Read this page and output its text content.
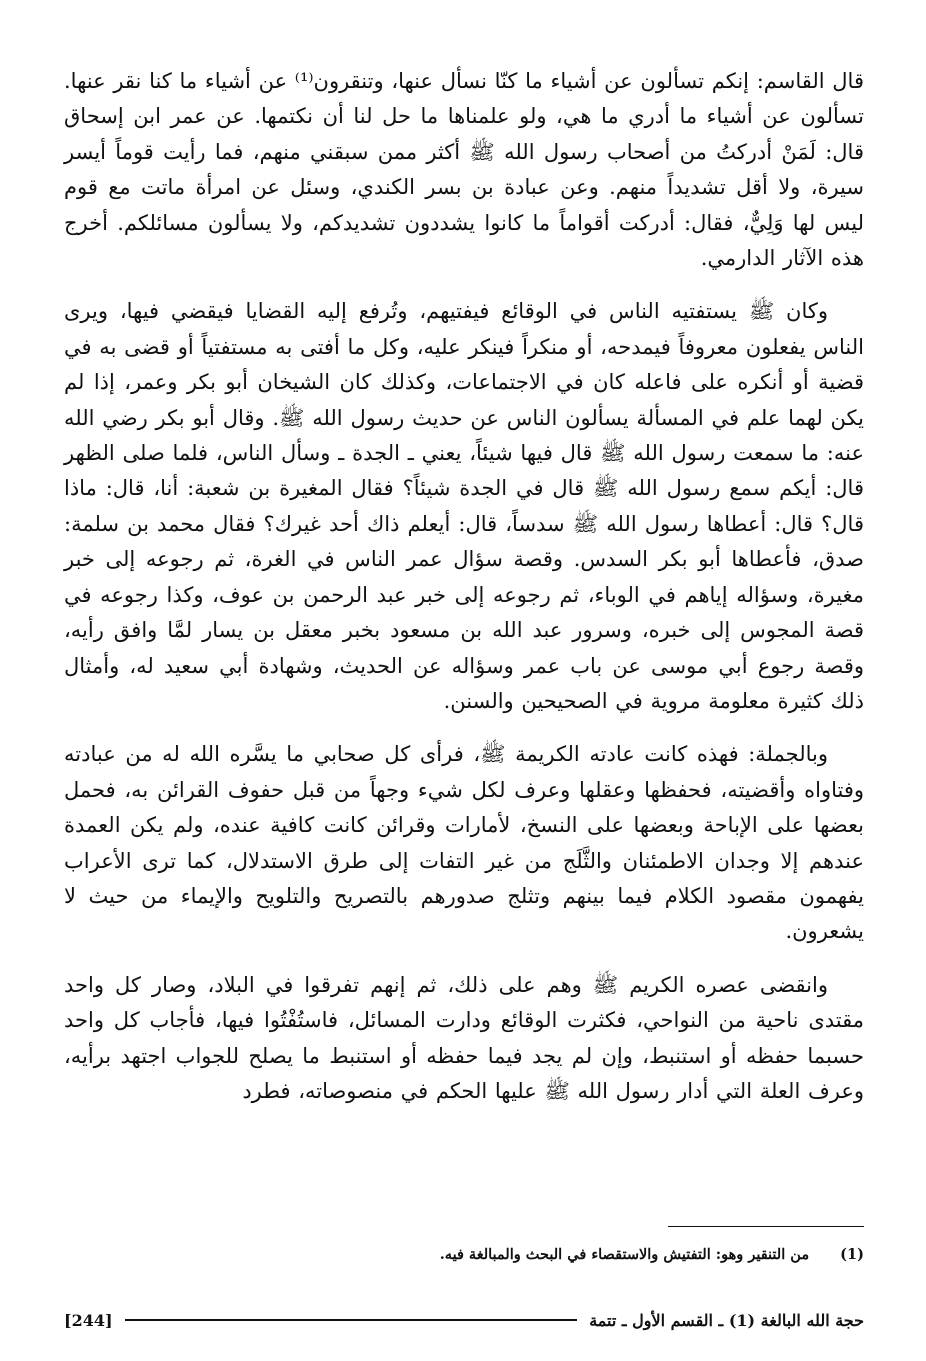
قال القاسم: إنكم تسألون عن أشياء ما كنّا نسأل عنها، وتنقرون⁽¹⁾ عن أشياء ما كنا نقر عنها. تسألون عن أشياء ما أدري ما هي، ولو علمناها ما حل لنا أن نكتمها. عن عمر ابن إسحاق قال: لَمَنْ أدركتُ من أصحاب رسول الله ﷺ أكثر ممن سبقني منهم، فما رأيت قوماً أيسر سيرة، ولا أقل تشديداً منهم. وعن عبادة بن بسر الكندي، وسئل عن امرأة ماتت مع قوم ليس لها وَلِيٌّ، فقال: أدركت أقواماً ما كانوا يشددون تشديدكم، ولا يسألون مسائلكم. أخرج هذه الآثار الدارمي.

وكان ﷺ يستفتيه الناس في الوقائع فيفتيهم، وتُرفع إليه القضايا فيقضي فيها، ويرى الناس يفعلون معروفاً فيمدحه، أو منكراً فينكر عليه، وكل ما أفتى به مستفتياً أو قضى به في قضية أو أنكره على فاعله كان في الاجتماعات، وكذلك كان الشيخان أبو بكر وعمر، إذا لم يكن لهما علم في المسألة يسألون الناس عن حديث رسول الله ﷺ. وقال أبو بكر رضي الله عنه: ما سمعت رسول الله ﷺ قال فيها شيئاً، يعني ـ الجدة ـ وسأل الناس، فلما صلى الظهر قال: أيكم سمع رسول الله ﷺ قال في الجدة شيئاً؟ فقال المغيرة بن شعبة: أنا، قال: ماذا قال؟ قال: أعطاها رسول الله ﷺ سدساً، قال: أيعلم ذاك أحد غيرك؟ فقال محمد بن سلمة: صدق، فأعطاها أبو بكر السدس. وقصة سؤال عمر الناس في الغرة، ثم رجوعه إلى خبر مغيرة، وسؤاله إياهم في الوباء، ثم رجوعه إلى خبر عبد الرحمن بن عوف، وكذا رجوعه في قصة المجوس إلى خبره، وسرور عبد الله بن مسعود بخبر معقل بن يسار لمَّا وافق رأيه، وقصة رجوع أبي موسى عن باب عمر وسؤاله عن الحديث، وشهادة أبي سعيد له، وأمثال ذلك كثيرة معلومة مروية في الصحيحين والسنن.

وبالجملة: فهذه كانت عادته الكريمة ﷺ، فرأى كل صحابي ما يسَّره الله له من عبادته وفتاواه وأقضيته، فحفظها وعقلها وعرف لكل شيء وجهاً من قبل حفوف القرائن به، فحمل بعضها على الإباحة وبعضها على النسخ، لأمارات وقرائن كانت كافية عنده، ولم يكن العمدة عندهم إلا وجدان الاطمئنان والثَّلَج من غير التفات إلى طرق الاستدلال، كما ترى الأعراب يفهمون مقصود الكلام فيما بينهم وتثلج صدورهم بالتصريح والتلويح والإيماء من حيث لا يشعرون.

وانقضى عصره الكريم ﷺ وهم على ذلك، ثم إنهم تفرقوا في البلاد، وصار كل واحد مقتدى ناحية من النواحي، فكثرت الوقائع ودارت المسائل، فاستُفْتُوا فيها، فأجاب كل واحد حسبما حفظه أو استنبط، وإن لم يجد فيما حفظه أو استنبط ما يصلح للجواب اجتهد برأيه، وعرف العلة التي أدار رسول الله ﷺ عليها الحكم في منصوصاته، فطرد

(1) من التنقير وهو: التفتيش والاستقصاء في البحث والمبالغة فيه.
حجة الله البالغة (1) ـ القسم الأول ـ تتمة
[244]
